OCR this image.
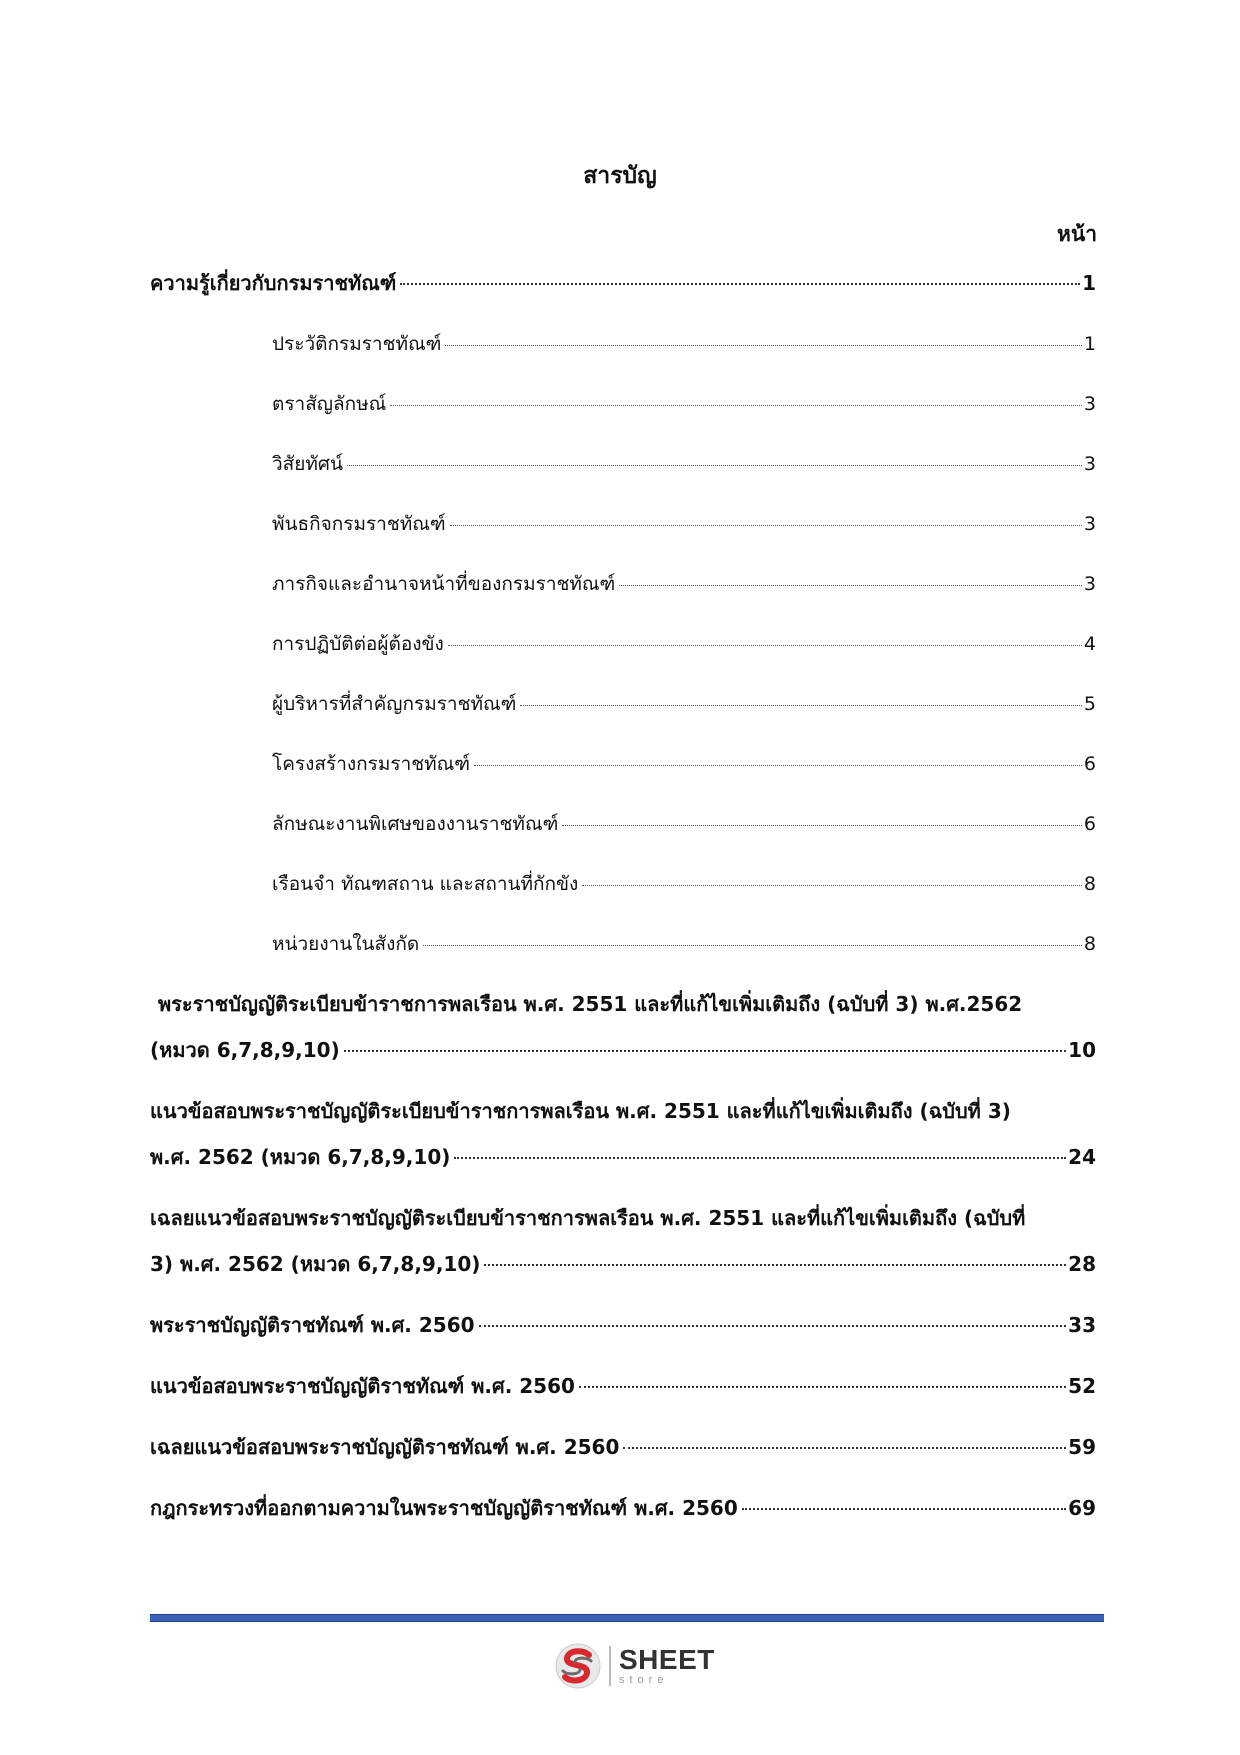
สารบัญ
หน้า
ความรู้เกี่ยวกับกรมราชทัณฑ์	1
ประวัติกรมราชทัณฑ์	1
ตราสัญลักษณ์	3
วิสัยทัศน์	3
พันธกิจกรมราชทัณฑ์	3
ภารกิจและอำนาจหน้าที่ของกรมราชทัณฑ์	3
การปฏิบัติต่อผู้ต้องขัง	4
ผู้บริหารที่สำคัญกรมราชทัณฑ์	5
โครงสร้างกรมราชทัณฑ์	6
ลักษณะงานพิเศษของงานราชทัณฑ์	6
เรือนจำ ทัณฑสถาน และสถานที่กักขัง	8
หน่วยงานในสังกัด	8
พระราชบัญญัติระเบียบข้าราชการพลเรือน พ.ศ. 2551 และที่แก้ไขเพิ่มเติมถึง (ฉบับที่ 3) พ.ศ.2562
(หมวด 6,7,8,9,10)	10
แนวข้อสอบพระราชบัญญัติระเบียบข้าราชการพลเรือน พ.ศ. 2551 และที่แก้ไขเพิ่มเติมถึง (ฉบับที่ 3)
พ.ศ. 2562 (หมวด 6,7,8,9,10)	24
เฉลยแนวข้อสอบพระราชบัญญัติระเบียบข้าราชการพลเรือน พ.ศ. 2551 และที่แก้ไขเพิ่มเติมถึง (ฉบับที่
3) พ.ศ. 2562 (หมวด 6,7,8,9,10)	28
พระราชบัญญัติราชทัณฑ์ พ.ศ. 2560	33
แนวข้อสอบพระราชบัญญัติราชทัณฑ์ พ.ศ. 2560	52
เฉลยแนวข้อสอบพระราชบัญญัติราชทัณฑ์ พ.ศ. 2560	59
กฎกระทรวงที่ออกตามความในพระราชบัญญัติราชทัณฑ์ พ.ศ. 2560	69
SHEET
store
